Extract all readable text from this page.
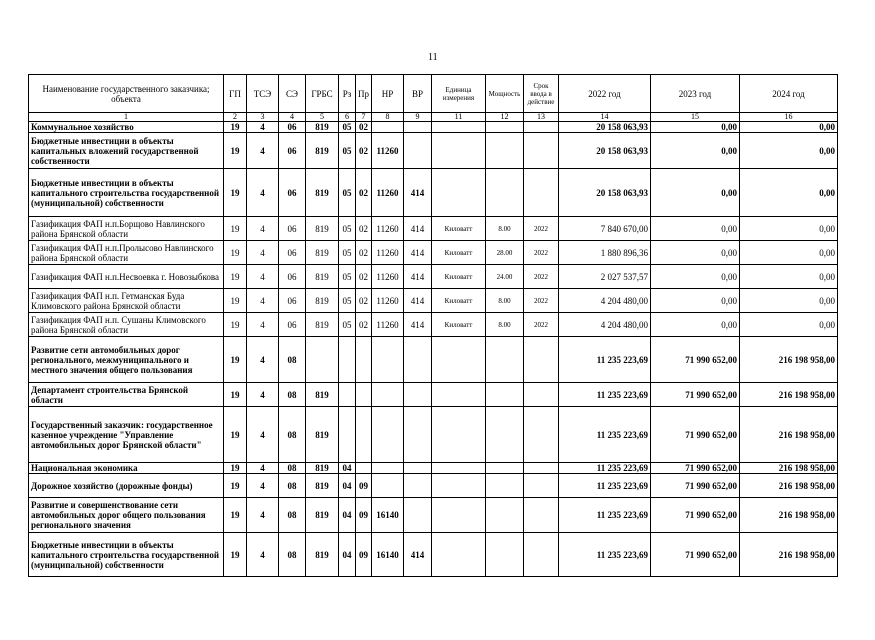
11
Наименование государственного заказчика; объекта	ГП	ТСЭ	СЭ	ГРБС	Рз	Пр	НР	ВР	Единица измерения	Мощность	Срок ввода в действие	2022 год	2023 год	2024 год
1	2	3	4	5	6	7	8	9	11	12	13	14	15	16
Коммунальное хозяйство	19	4	06	819	05	02						20 158 063,93	0,00	0,00
Бюджетные инвестиции в объекты капитальных вложений государственной собственности	19	4	06	819	05	02	11260					20 158 063,93	0,00	0,00
Бюджетные инвестиции в объекты капитального строительства государственной (муниципальной) собственности	19	4	06	819	05	02	11260	414				20 158 063,93	0,00	0,00
Газификация ФАП н.п.Борщово Навлинского района Брянской области	19	4	06	819	05	02	11260	414	Киловатт	8.00	2022	7 840 670,00	0,00	0,00
Газификация ФАП н.п.Пролысово Навлинского района Брянской области	19	4	06	819	05	02	11260	414	Киловатт	28.00	2022	1 880 896,36	0,00	0,00
Газификация ФАП н.п.Несвоевка г. Новозыбкова	19	4	06	819	05	02	11260	414	Киловатт	24.00	2022	2 027 537,57	0,00	0,00
Газификация ФАП н.п. Гетманская Буда Климовского района Брянской области	19	4	06	819	05	02	11260	414	Киловатт	8.00	2022	4 204 480,00	0,00	0,00
Газификация ФАП н.п. Сушаны Климовского района Брянской области	19	4	06	819	05	02	11260	414	Киловатт	8.00	2022	4 204 480,00	0,00	0,00
Развитие сети автомобильных дорог регионального, межмуниципального и местного значения общего пользования	19	4	08									11 235 223,69	71 990 652,00	216 198 958,00
Департамент строительства Брянской области	19	4	08	819								11 235 223,69	71 990 652,00	216 198 958,00
Государственный заказчик: государственное казенное учреждение "Управление автомобильных дорог Брянской области"	19	4	08	819								11 235 223,69	71 990 652,00	216 198 958,00
Национальная экономика	19	4	08	819	04							11 235 223,69	71 990 652,00	216 198 958,00
Дорожное хозяйство (дорожные фонды)	19	4	08	819	04	09						11 235 223,69	71 990 652,00	216 198 958,00
Развитие и совершенствование сети автомобильных дорог общего пользования регионального значения	19	4	08	819	04	09	16140					11 235 223,69	71 990 652,00	216 198 958,00
Бюджетные инвестиции в объекты капитального строительства государственной (муниципальной) собственности	19	4	08	819	04	09	16140	414				11 235 223,69	71 990 652,00	216 198 958,00
